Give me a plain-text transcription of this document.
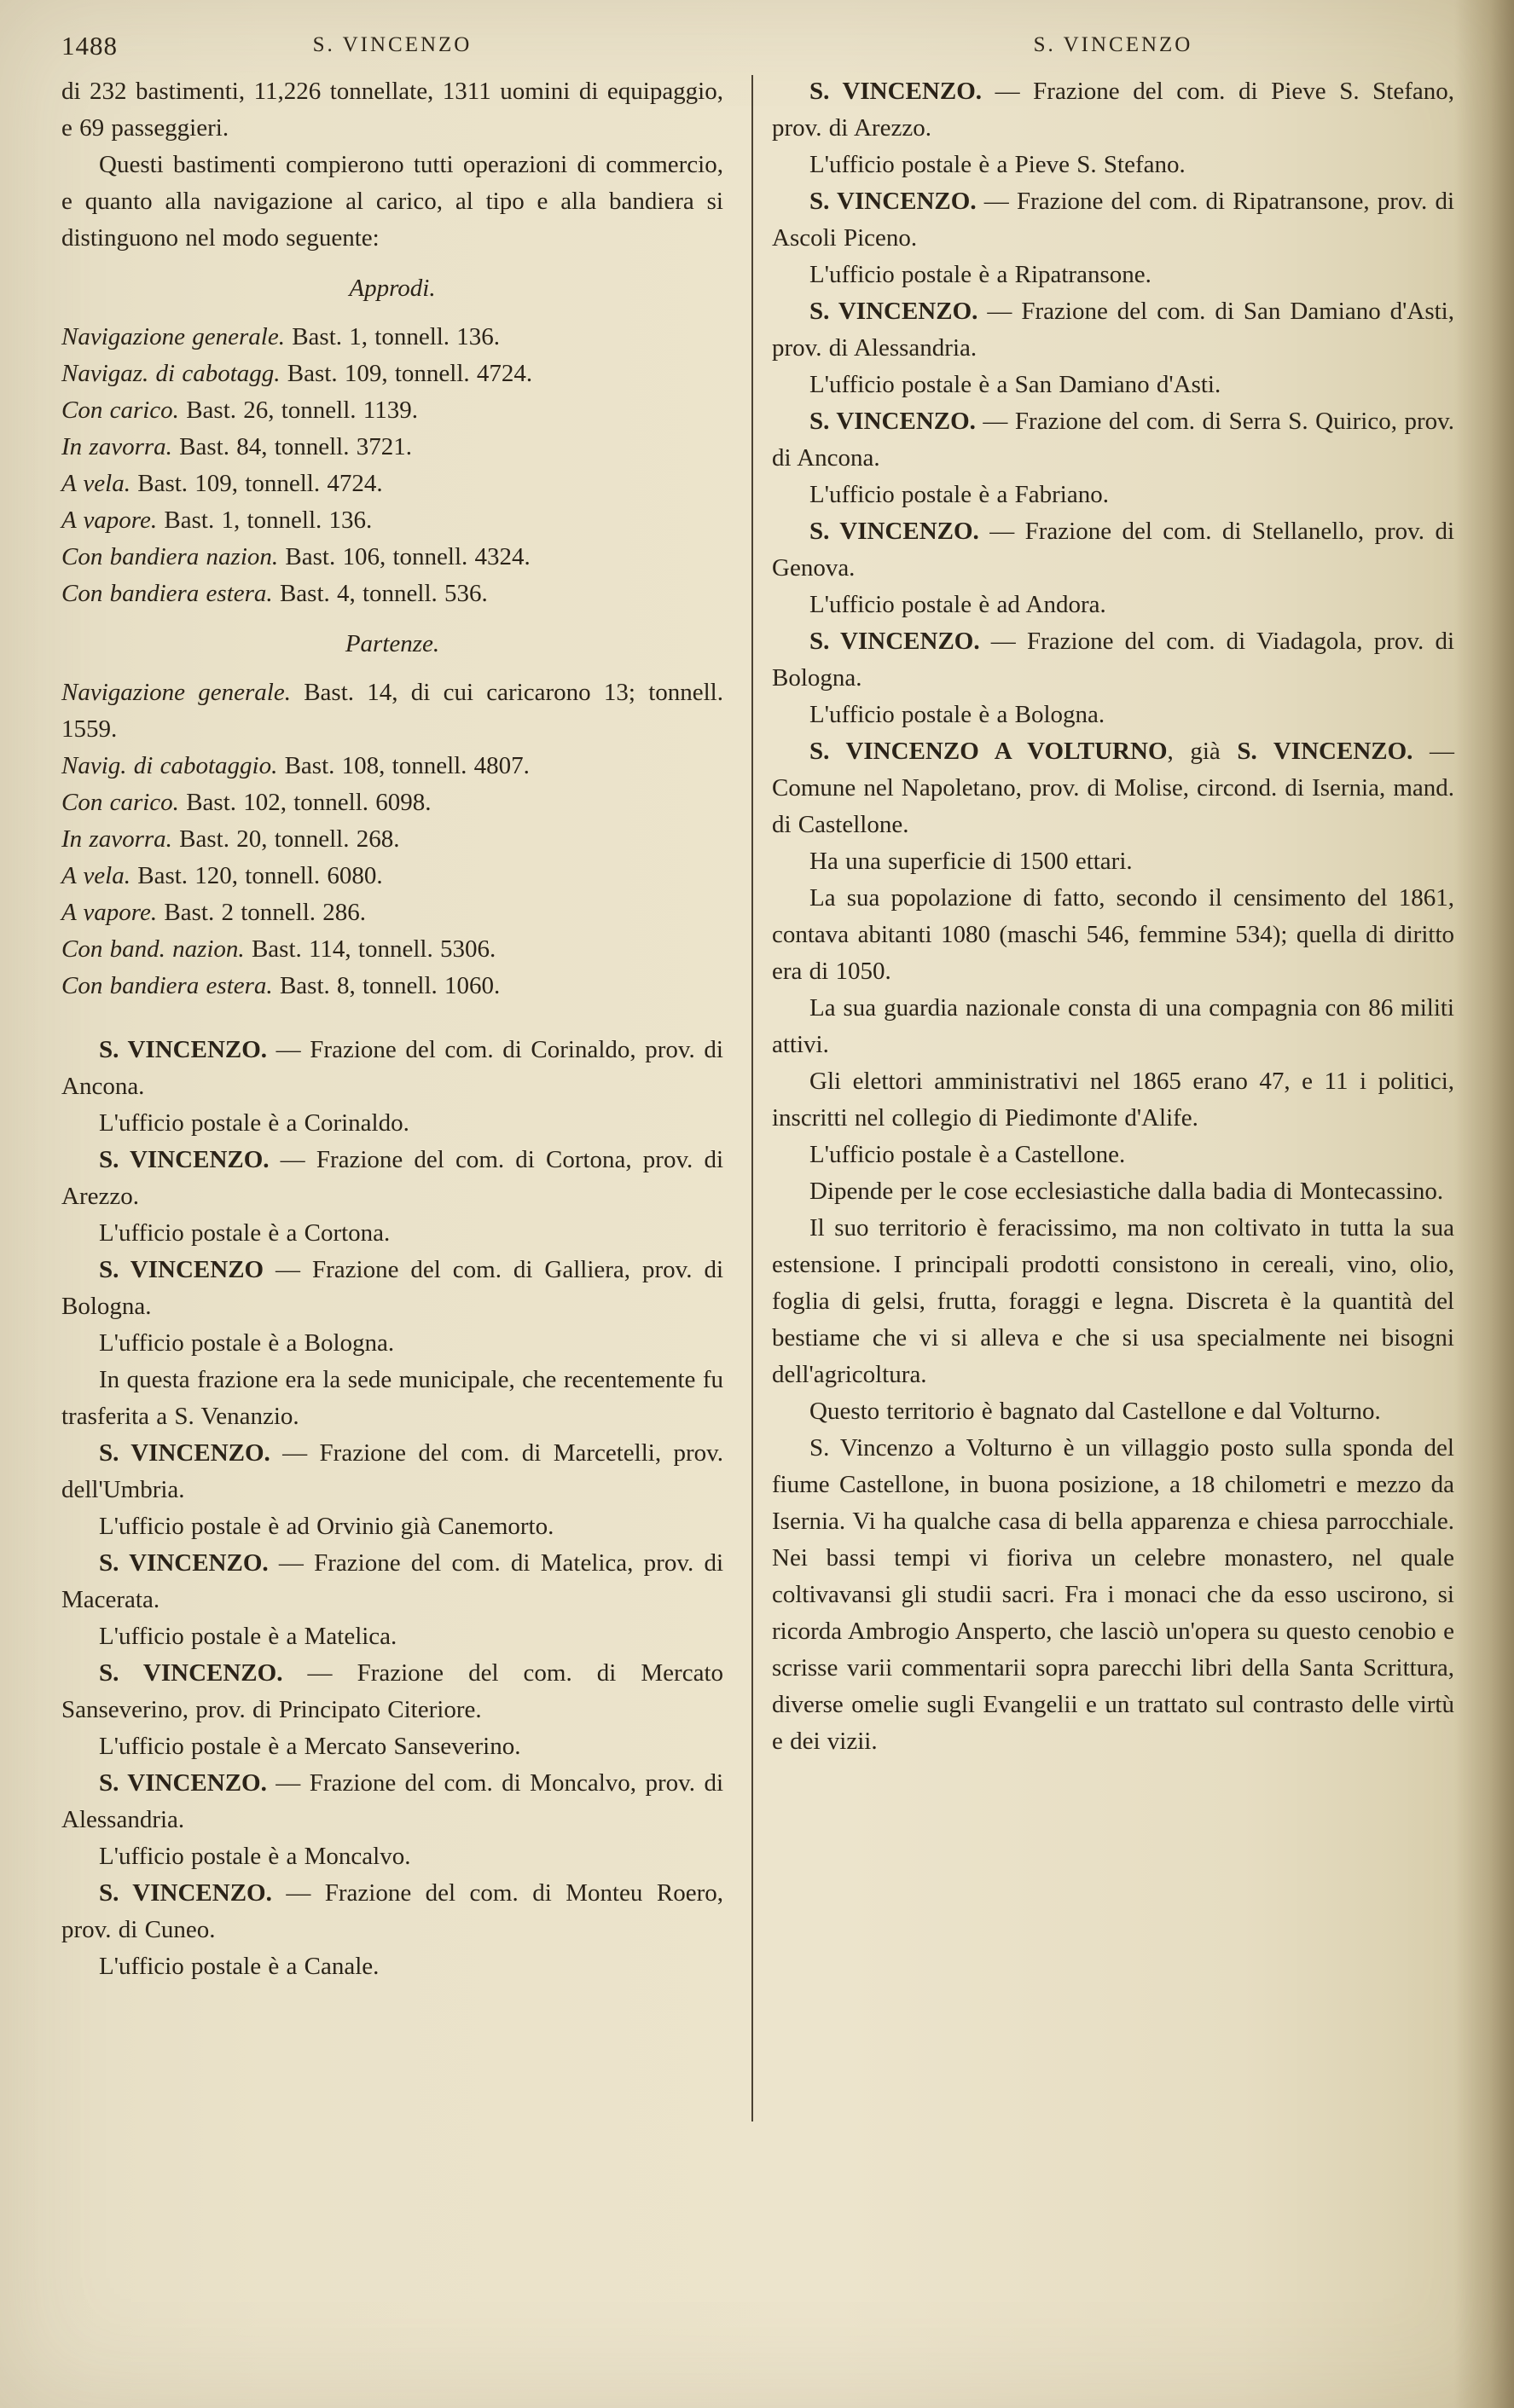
1488	S. VINCENZO	S. VINCENZO

di 232 bastimenti, 11,226 tonnellate, 1311 uomini di equipaggio, e 69 passeggieri.

Questi bastimenti compierono tutti operazioni di commercio, e quanto alla navigazione al carico, al tipo e alla bandiera si distinguono nel modo seguente:

Approdi.

Navigazione generale. Bast. 1, tonnell. 136.

Navigaz. di cabotagg. Bast. 109, tonnell. 4724.

Con carico. Bast. 26, tonnell. 1139.

In zavorra. Bast. 84, tonnell. 3721.

A vela. Bast. 109, tonnell. 4724.

A vapore. Bast. 1, tonnell. 136.

Con bandiera nazion. Bast. 106, tonnell. 4324.

Con bandiera estera. Bast. 4, tonnell. 536.

Partenze.

Navigazione generale. Bast. 14, di cui caricarono 13; tonnell. 1559.

Navig. di cabotaggio. Bast. 108, tonnell. 4807.

Con carico. Bast. 102, tonnell. 6098.

In zavorra. Bast. 20, tonnell. 268.

A vela. Bast. 120, tonnell. 6080.

A vapore. Bast. 2 tonnell. 286.

Con band. nazion. Bast. 114, tonnell. 5306.

Con bandiera estera. Bast. 8, tonnell. 1060.

S. VINCENZO. — Frazione del com. di Corinaldo, prov. di Ancona.

L'ufficio postale è a Corinaldo.

S. VINCENZO. — Frazione del com. di Cortona, prov. di Arezzo.

L'ufficio postale è a Cortona.

S. VINCENZO — Frazione del com. di Galliera, prov. di Bologna.

L'ufficio postale è a Bologna.

In questa frazione era la sede municipale, che recentemente fu trasferita a S. Venanzio.

S. VINCENZO. — Frazione del com. di Marcetelli, prov. dell'Umbria.

L'ufficio postale è ad Orvinio già Canemorto.

S. VINCENZO. — Frazione del com. di Matelica, prov. di Macerata.

L'ufficio postale è a Matelica.

S. VINCENZO. — Frazione del com. di Mercato Sanseverino, prov. di Principato Citeriore.

L'ufficio postale è a Mercato Sanseverino.

S. VINCENZO. — Frazione del com. di Moncalvo, prov. di Alessandria.

L'ufficio postale è a Moncalvo.

S. VINCENZO. — Frazione del com. di Monteu Roero, prov. di Cuneo.

L'ufficio postale è a Canale.

S. VINCENZO. — Frazione del com. di Pieve S. Stefano, prov. di Arezzo.

L'ufficio postale è a Pieve S. Stefano.

S. VINCENZO. — Frazione del com. di Ripatransone, prov. di Ascoli Piceno.

L'ufficio postale è a Ripatransone.

S. VINCENZO. — Frazione del com. di San Damiano d'Asti, prov. di Alessandria.

L'ufficio postale è a San Damiano d'Asti.

S. VINCENZO. — Frazione del com. di Serra S. Quirico, prov. di Ancona.

L'ufficio postale è a Fabriano.

S. VINCENZO. — Frazione del com. di Stellanello, prov. di Genova.

L'ufficio postale è ad Andora.

S. VINCENZO. — Frazione del com. di Viadagola, prov. di Bologna.

L'ufficio postale è a Bologna.

S. VINCENZO A VOLTURNO, già S. VINCENZO. — Comune nel Napoletano, prov. di Molise, circond. di Isernia, mand. di Castellone.

Ha una superficie di 1500 ettari.

La sua popolazione di fatto, secondo il censimento del 1861, contava abitanti 1080 (maschi 546, femmine 534); quella di diritto era di 1050.

La sua guardia nazionale consta di una compagnia con 86 militi attivi.

Gli elettori amministrativi nel 1865 erano 47, e 11 i politici, inscritti nel collegio di Piedimonte d'Alife.

L'ufficio postale è a Castellone.

Dipende per le cose ecclesiastiche dalla badia di Montecassino.

Il suo territorio è feracissimo, ma non coltivato in tutta la sua estensione. I principali prodotti consistono in cereali, vino, olio, foglia di gelsi, frutta, foraggi e legna. Discreta è la quantità del bestiame che vi si alleva e che si usa specialmente nei bisogni dell'agricoltura.

Questo territorio è bagnato dal Castellone e dal Volturno.

S. Vincenzo a Volturno è un villaggio posto sulla sponda del fiume Castellone, in buona posizione, a 18 chilometri e mezzo da Isernia. Vi ha qualche casa di bella apparenza e chiesa parrocchiale. Nei bassi tempi vi fioriva un celebre monastero, nel quale coltivavansi gli studii sacri. Fra i monaci che da esso uscirono, si ricorda Ambrogio Ansperto, che lasciò un'opera su questo cenobio e scrisse varii commentarii sopra parecchi libri della Santa Scrittura, diverse omelie sugli Evangelii e un trattato sul contrasto delle virtù e dei vizii.
